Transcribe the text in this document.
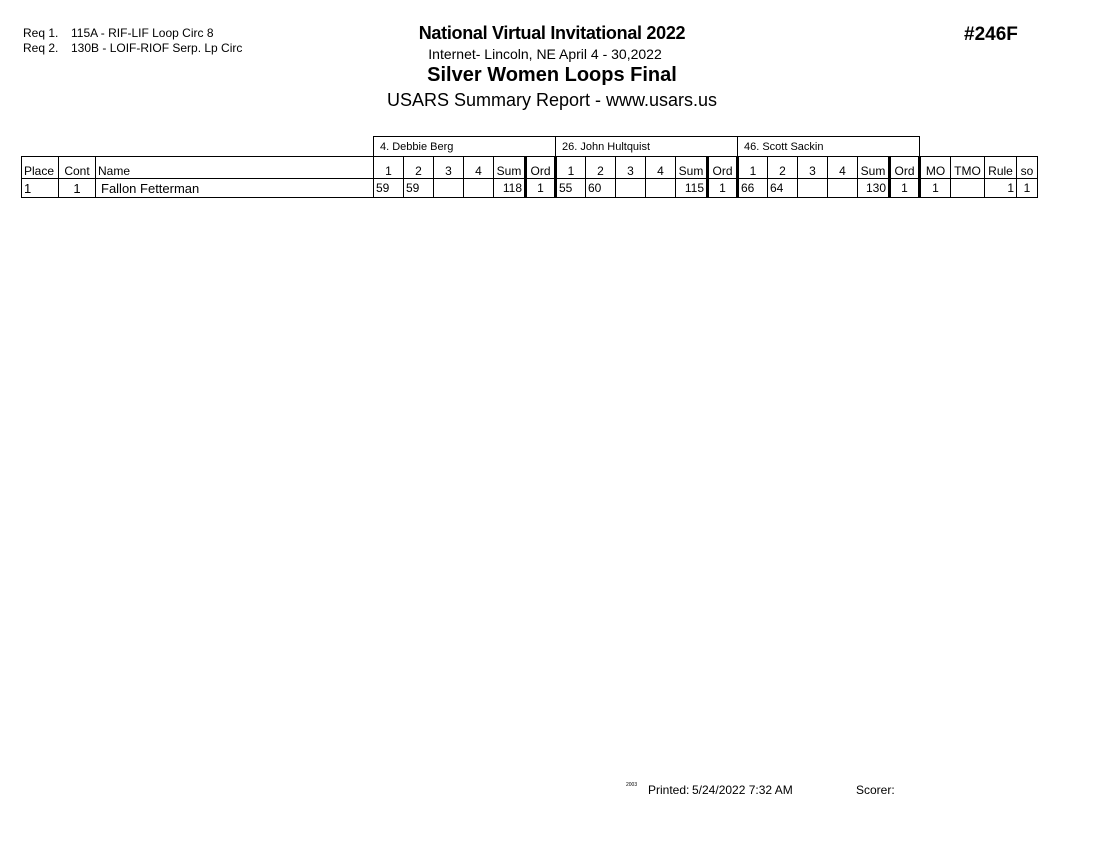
Req 1. 115A - RIF-LIF Loop Circ 8
Req 2. 130B - LOIF-RIOF Serp. Lp Circ
National Virtual Invitational 2022
Internet- Lincoln, NE April 4 - 30,2022
Silver Women Loops Final
USARS Summary Report - www.usars.us
#246F
			4. Debbie Berg						26. John Hultquist						46. Scott Sackin									
Place	Cont	Name	1	2	3	4	Sum	Ord	1	2	3	4	Sum	Ord	1	2	3	4	Sum	Ord	MO	TMO	Rule	so
1	1	Fallon Fetterman	59	59			118	1	55	60			115	1	66	64			130	1	1		1	1
2003 Printed: 5/24/2022 7:32 AM	Scorer:
